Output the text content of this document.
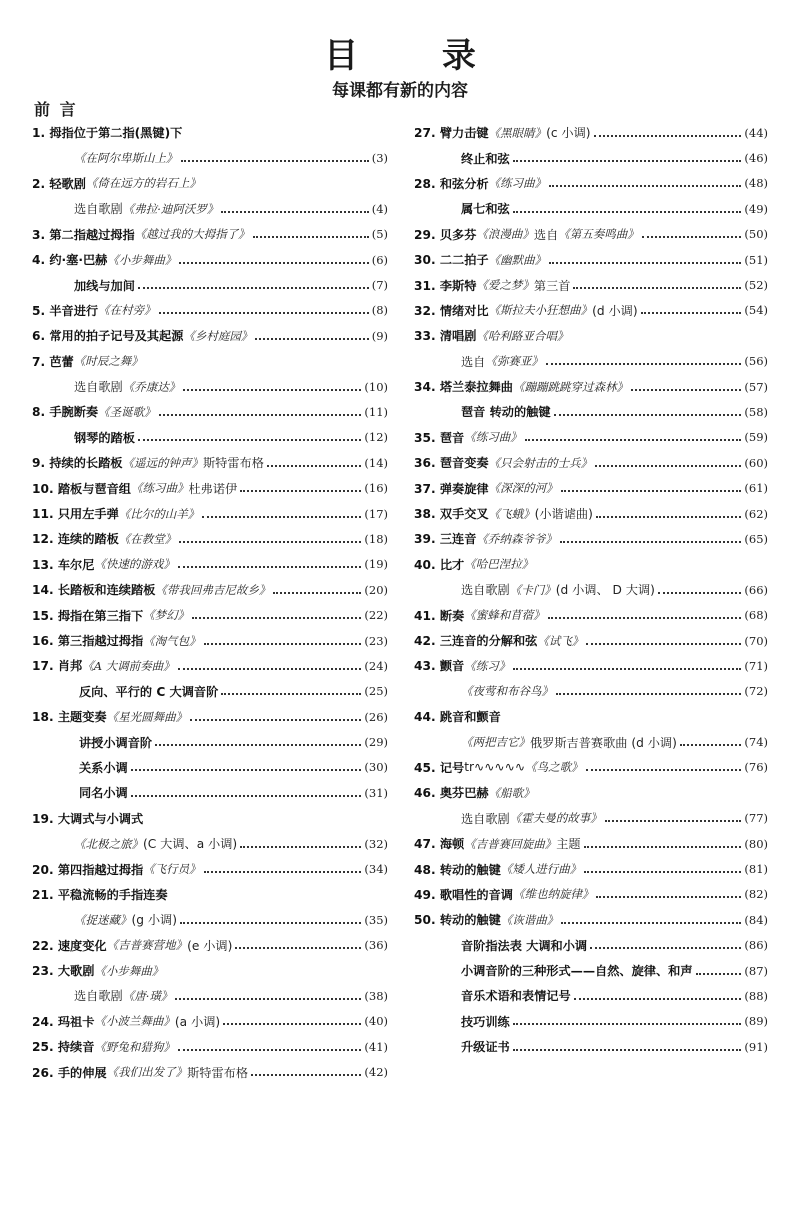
目 录
每课都有新的内容
前 言
1. 拇指位于第二指(黑键)下
《在阿尔卑斯山上》	(3)
2. 轻歌剧 《倚在远方的岩石上》
选自歌剧 《弗拉·迪阿沃罗》	(4)
3. 第二指越过拇指 《越过我的大拇指了》	(5)
4. 约·塞·巴赫 《小步舞曲》	(6)
加线与加间	(7)
5. 半音进行 《在村旁》	(8)
6. 常用的拍子记号及其起源 《乡村庭园》	(9)
7. 芭蕾 《时辰之舞》
选自歌剧 《乔康达》	(10)
8. 手腕断奏 《圣诞歌》	(11)
钢琴的踏板	(12)
9. 持续的长踏板 《遥远的钟声》 斯特雷布格	(14)
10. 踏板与琶音组 《练习曲》 杜弗诺伊	(16)
11. 只用左手弹 《比尔的山羊》	(17)
12. 连续的踏板 《在教堂》	(18)
13. 车尔尼 《快速的游戏》	(19)
14. 长踏板和连续踏板 《带我回弗吉尼故乡》	(20)
15. 拇指在第三指下 《梦幻》	(22)
16. 第三指越过拇指 《淘气包》	(23)
17. 肖邦 《A 大调前奏曲》	(24)
反向、平行的 C 大调音阶	(25)
18. 主题变奏 《星光圆舞曲》	(26)
讲授小调音阶	(29)
关系小调	(30)
同名小调	(31)
19. 大调式与小调式
《北极之旅》 (C 大调、a 小调)	(32)
20. 第四指越过拇指 《飞行员》	(34)
21. 平稳流畅的手指连奏
《捉迷藏》 (g 小调)	(35)
22. 速度变化 《吉普赛营地》 (e 小调)	(36)
23. 大歌剧 《小步舞曲》
选自歌剧 《唐·璜》	(38)
24. 玛祖卡 《小波兰舞曲》 (a 小调)	(40)
25. 持续音 《野兔和猎狗》	(41)
26. 手的伸展 《我们出发了》 斯特雷布格	(42)
27. 臂力击键 《黑眼睛》 (c 小调)	(44)
终止和弦	(46)
28. 和弦分析 《练习曲》	(48)
属七和弦	(49)
29. 贝多芬 《浪漫曲》 选自 《第五奏鸣曲》	(50)
30. 二二拍子 《幽默曲》	(51)
31. 李斯特 《爱之梦》 第三首	(52)
32. 情绪对比 《斯拉夫小狂想曲》 (d 小调)	(54)
33. 清唱剧 《哈利路亚合唱》
选自 《弥赛亚》	(56)
34. 塔兰泰拉舞曲 《蹦蹦跳跳穿过森林》	(57)
琶音 转动的触键	(58)
35. 琶音 《练习曲》	(59)
36. 琶音变奏 《只会射击的士兵》	(60)
37. 弹奏旋律 《深深的河》	(61)
38. 双手交叉 《飞蛾》 (小谐谑曲)	(62)
39. 三连音 《乔纳森爷爷》	(65)
40. 比才 《哈巴涅拉》
选自歌剧 《卡门》 (d 小调、 D 大调)	(66)
41. 断奏 《蜜蜂和苜蓿》	(68)
42. 三连音的分解和弦 《试飞》	(70)
43. 颤音 《练习》	(71)
《夜莺和布谷鸟》	(72)
44. 跳音和颤音
《两把吉它》 俄罗斯吉普赛歌曲 (d 小调)	(74)
45. 记号 tr∿∿∿∿∿ 《鸟之歌》	(76)
46. 奥芬巴赫 《船歌》
选自歌剧 《霍夫曼的故事》	(77)
47. 海顿 《吉普赛回旋曲》 主题	(80)
48. 转动的触键 《矮人进行曲》	(81)
49. 歌唱性的音调 《维也纳旋律》	(82)
50. 转动的触键 《诙谐曲》	(84)
音阶指法表 大调和小调	(86)
小调音阶的三种形式——自然、旋律、和声	(87)
音乐术语和表情记号	(88)
技巧训练	(89)
升级证书	(91)
